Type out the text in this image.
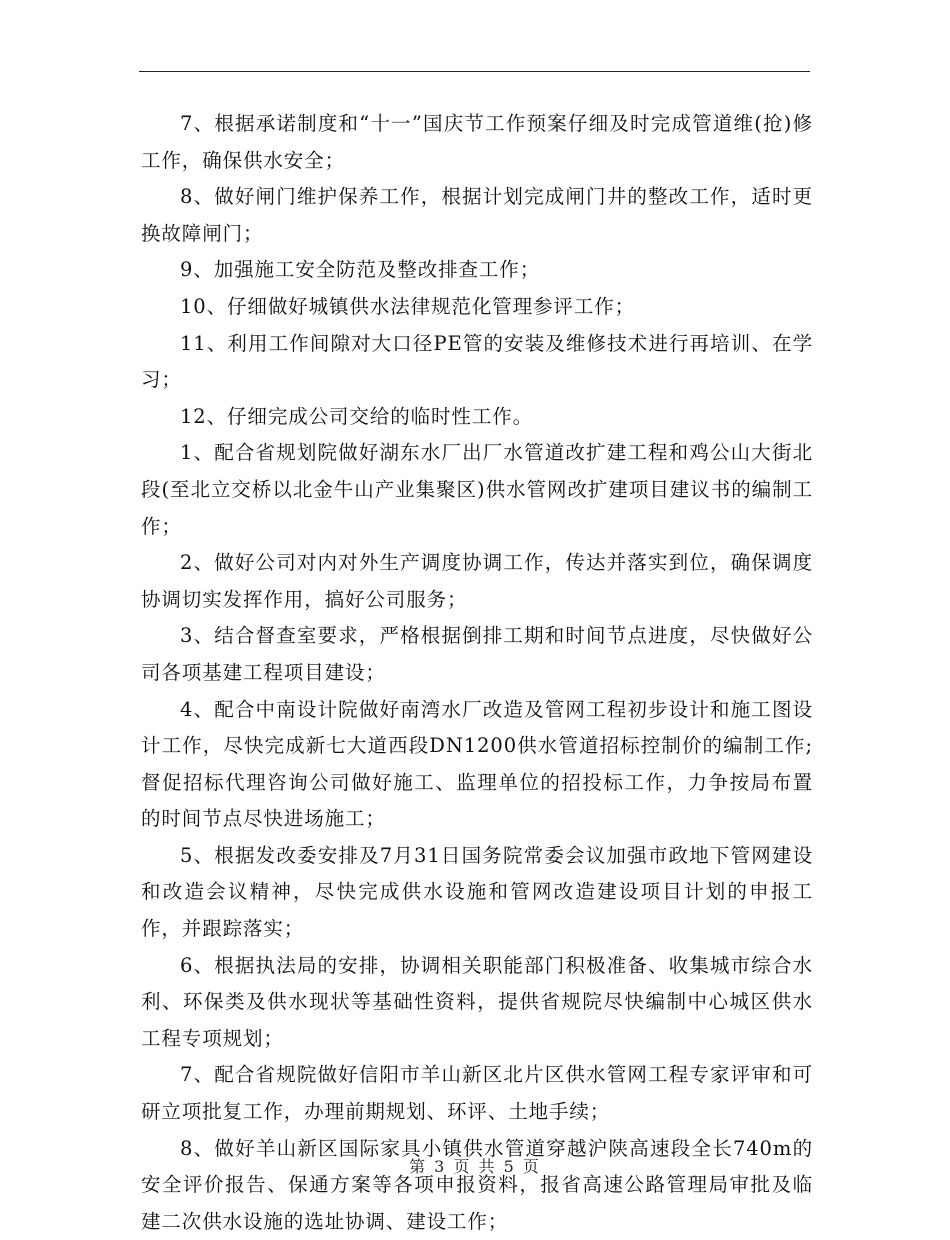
7、根据承诺制度和“十一”国庆节工作预案仔细及时完成管道维(抢)修工作，确保供水安全；

8、做好闸门维护保养工作，根据计划完成闸门井的整改工作，适时更换故障闸门；

9、加强施工安全防范及整改排查工作；

10、仔细做好城镇供水法律规范化管理参评工作；

11、利用工作间隙对大口径PE管的安装及维修技术进行再培训、在学习；

12、仔细完成公司交给的临时性工作。

1、配合省规划院做好湖东水厂出厂水管道改扩建工程和鸡公山大街北段(至北立交桥以北金牛山产业集聚区)供水管网改扩建项目建议书的编制工作；

2、做好公司对内对外生产调度协调工作，传达并落实到位，确保调度协调切实发挥作用，搞好公司服务；

3、结合督查室要求，严格根据倒排工期和时间节点进度，尽快做好公司各项基建工程项目建设；

4、配合中南设计院做好南湾水厂改造及管网工程初步设计和施工图设计工作，尽快完成新七大道西段DN1200供水管道招标控制价的编制工作;督促招标代理咨询公司做好施工、监理单位的招投标工作，力争按局布置的时间节点尽快进场施工；

5、根据发改委安排及7月31日国务院常委会议加强市政地下管网建设和改造会议精神，尽快完成供水设施和管网改造建设项目计划的申报工作，并跟踪落实；

6、根据执法局的安排，协调相关职能部门积极准备、收集城市综合水利、环保类及供水现状等基础性资料，提供省规院尽快编制中心城区供水工程专项规划；

7、配合省规院做好信阳市羊山新区北片区供水管网工程专家评审和可研立项批复工作，办理前期规划、环评、土地手续；

8、做好羊山新区国际家具小镇供水管道穿越沪陕高速段全长740m的安全评价报告、保通方案等各项申报资料，报省高速公路管理局审批及临建二次供水设施的选址协调、建设工作；

第 3 页 共 5 页
